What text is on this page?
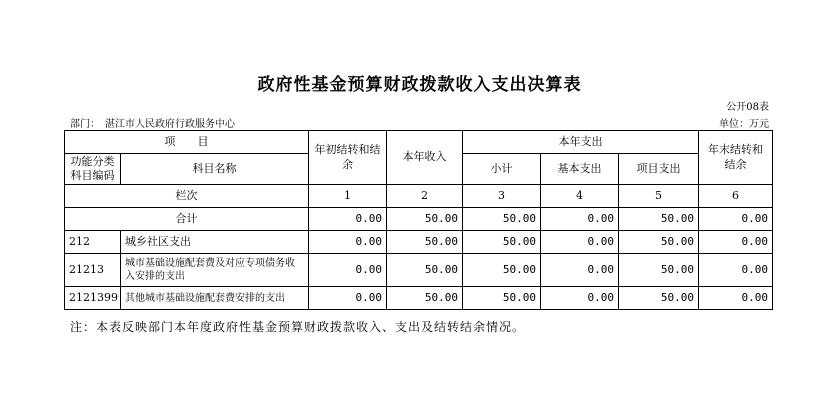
政府性基金预算财政拨款收入支出决算表
公开08表
部门：　湛江市人民政府行政服务中心	单位：万元
项　　目		年初结转和结余	本年收入	本年支出			年末结转和结余
功能分类科目编码	科目名称			小计	基本支出	项目支出	
栏次		1	2	3	4	5	6
合计		0.00	50.00	50.00	0.00	50.00	0.00
212	城乡社区支出	0.00	50.00	50.00	0.00	50.00	0.00
21213	城市基础设施配套费及对应专项债务收入安排的支出	0.00	50.00	50.00	0.00	50.00	0.00
2121399	其他城市基础设施配套费安排的支出	0.00	50.00	50.00	0.00	50.00	0.00
注：本表反映部门本年度政府性基金预算财政拨款收入、支出及结转结余情况。
